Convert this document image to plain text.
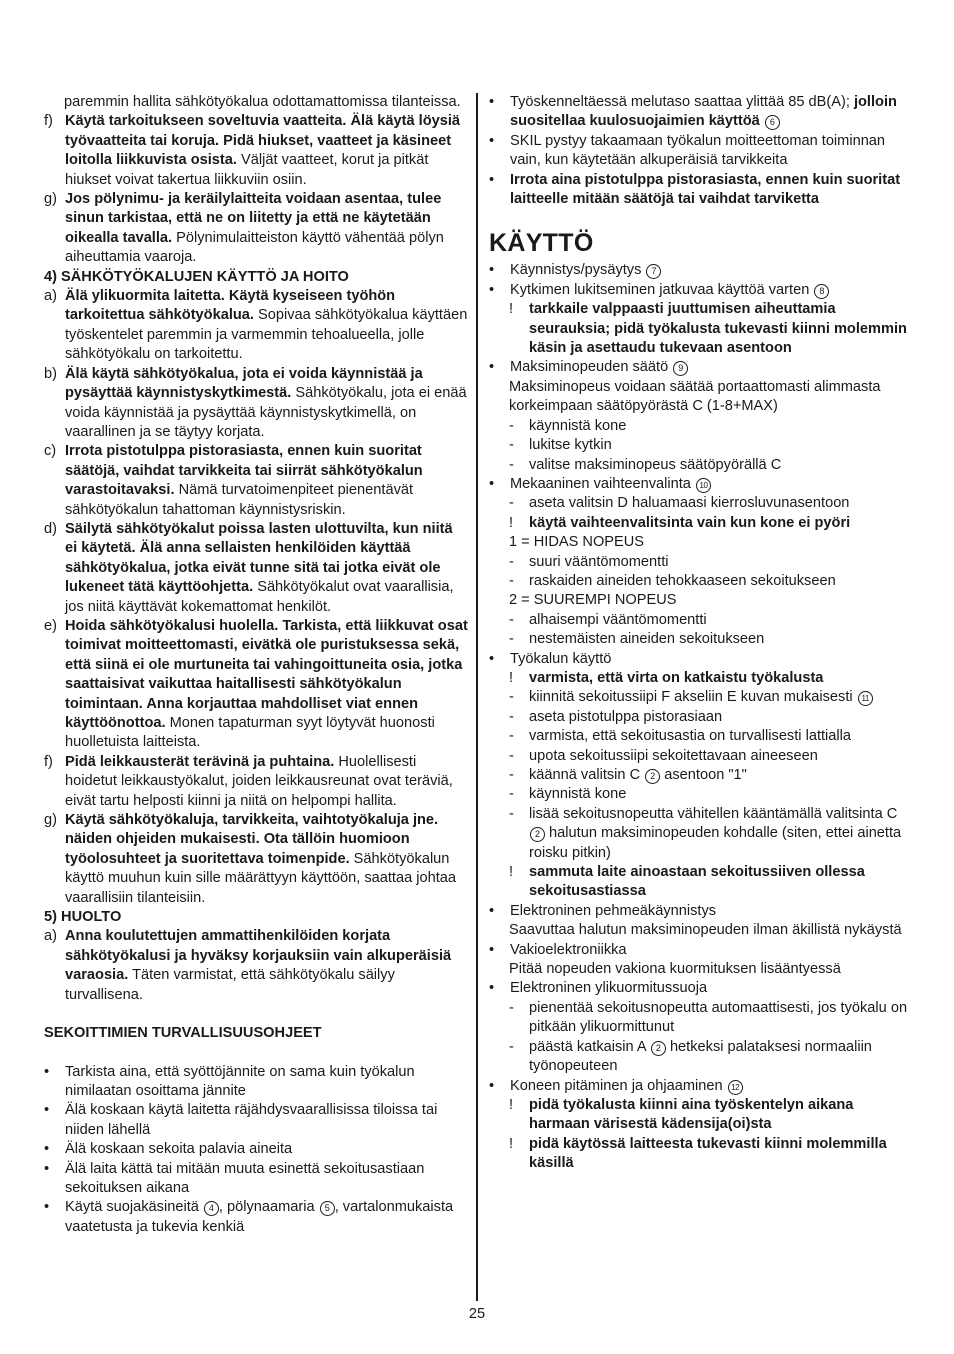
paremmin hallita sähkötyökalua odottamattomissa tilanteissa.

f) Käytä tarkoitukseen soveltuvia vaatteita. Älä käytä löysiä työvaatteita tai koruja. Pidä hiukset, vaatteet ja käsineet loitolla liikkuvista osista. Väljät vaatteet, korut ja pitkät hiukset voivat takertua liikkuviin osiin.
g) Jos pölynimu- ja keräilylaitteita voidaan asentaa, tulee sinun tarkistaa, että ne on liitetty ja että ne käytetään oikealla tavalla. Pölynimulaitteiston käyttö vähentää pölyn aiheuttamia vaaroja.

4) SÄHKÖTYÖKALUJEN KÄYTTÖ JA HOITO

a) Älä ylikuormita laitetta. Käytä kyseiseen työhön tarkoitettua sähkötyökalua. Sopivaa sähkötyökalua käyttäen työskentelet paremmin ja varmemmin tehoalueella, jolle sähkötyökalu on tarkoitettu.
b) Älä käytä sähkötyökalua, jota ei voida käynnistää ja pysäyttää käynnistyskytkimestä. Sähkötyökalu, jota ei enää voida käynnistää ja pysäyttää käynnistyskytkimellä, on vaarallinen ja se täytyy korjata.
c) Irrota pistotulppa pistorasiasta, ennen kuin suoritat säätöjä, vaihdat tarvikkeita tai siirrät sähkötyökalun varastoitavaksi. Nämä turvatoimenpiteet pienentävät sähkötyökalun tahattoman käynnistysriskin.
d) Säilytä sähkötyökalut poissa lasten ulottuvilta, kun niitä ei käytetä. Älä anna sellaisten henkilöiden käyttää sähkötyökalua, jotka eivät tunne sitä tai jotka eivät ole lukeneet tätä käyttöohjetta. Sähkötyökalut ovat vaarallisia, jos niitä käyttävät kokemattomat henkilöt.
e) Hoida sähkötyökalusi huolella. Tarkista, että liikkuvat osat toimivat moitteettomasti, eivätkä ole puristuksessa sekä, että siinä ei ole murtuneita tai vahingoittuneita osia, jotka saattaisivat vaikuttaa haitallisesti sähkötyökalun toimintaan. Anna korjauttaa mahdolliset viat ennen käyttöönottoa. Monen tapaturman syyt löytyvät huonosti huolletuista laitteista.
f) Pidä leikkausterät terävinä ja puhtaina. Huolellisesti hoidetut leikkaustyökalut, joiden leikkausreunat ovat teräviä, eivät tartu helposti kiinni ja niitä on helpompi hallita.
g) Käytä sähkötyökaluja, tarvikkeita, vaihtotyökaluja jne. näiden ohjeiden mukaisesti. Ota tällöin huomioon työolosuhteet ja suoritettava toimenpide. Sähkötyökalun käyttö muuhun kuin sille määrättyyn käyttöön, saattaa johtaa vaarallisiin tilanteisiin.

5) HUOLTO

a) Anna koulutettujen ammattihenkilöiden korjata sähkötyökalusi ja hyväksy korjauksiin vain alkuperäisiä varaosia. Täten varmistat, että sähkötyökalu säilyy turvallisena.

SEKOITTIMIEN TURVALLISUUSOHJEET

• Tarkista aina, että syöttöjännite on sama kuin työkalun nimilaatan osoittama jännite
• Älä koskaan käytä laitetta räjähdysvaarallisissa tiloissa tai niiden lähellä
• Älä koskaan sekoita palavia aineita
• Älä laita kättä tai mitään muuta esinettä sekoitusastiaan sekoituksen aikana
• Käytä suojakäsineitä 4 , pölynaamaria 5 , vartalonmukaista vaatetusta ja tukevia kenkiä
• Työskenneltäessä melutaso saattaa ylittää 85 dB(A); jolloin suositellaa kuulosuojaimien käyttöä 6
• SKIL pystyy takaamaan työkalun moitteettoman toiminnan vain, kun käytetään alkuperäisiä tarvikkeita
• Irrota aina pistotulppa pistorasiasta, ennen kuin suoritat laitteelle mitään säätöjä tai vaihdat tarviketta

KÄYTTÖ

• Käynnistys/pysäytys 7
• Kytkimen lukitseminen jatkuvaa käyttöä varten 8
! tarkkaile valppaasti juuttumisen aiheuttamia seurauksia; pidä työkalusta tukevasti kiinni molemmin käsin ja asettaudu tukevaan asentoon
• Maksiminopeuden säätö 9

Maksiminopeus voidaan säätää portaattomasti alimmasta korkeimpaan säätöpyörästä C (1-8+MAX)

- käynnistä kone
- lukitse kytkin
- valitse maksiminopeus säätöpyörällä C
• Mekaaninen vaihteenvalinta 10
- aseta valitsin D haluamaasi kierrosluvunasentoon
! käytä vaihteenvalitsinta vain kun kone ei pyöri

1 = HIDAS NOPEUS

- suuri vääntömomentti
- raskaiden aineiden tehokkaaseen sekoitukseen

2 = SUUREMPI NOPEUS

- alhaisempi vääntömomentti
- nestemäisten aineiden sekoitukseen
• Työkalun käyttö
! varmista, että virta on katkaistu työkalusta
- kiinnitä sekoitussiipi F akseliin E kuvan mukaisesti 11
- aseta pistotulppa pistorasiaan
- varmista, että sekoitusastia on turvallisesti lattialla
- upota sekoitussiipi sekoitettavaan aineeseen
- käännä valitsin C 2 asentoon "1"
- käynnistä kone
- lisää sekoitusnopeutta vähitellen kääntämällä valitsinta C 2 halutun maksiminopeuden kohdalle (siten, ettei ainetta roisku pitkin)
! sammuta laite ainoastaan sekoitussiiven ollessa sekoitusastiassa
• Elektroninen pehmeäkäynnistys

Saavuttaa halutun maksiminopeuden ilman äkillistä nykäystä

• Vakioelektroniikka

Pitää nopeuden vakiona kuormituksen lisääntyessä

• Elektroninen ylikuormitussuoja
- pienentää sekoitusnopeutta automaattisesti, jos työkalu on pitkään ylikuormittunut
- päästä katkaisin A 2 hetkeksi palataksesi normaaliin työnopeuteen
• Koneen pitäminen ja ohjaaminen 12
! pidä työkalusta kiinni aina työskentelyn aikana harmaan värisestä kädensija(oi)sta
! pidä käytössä laitteesta tukevasti kiinni molemmilla käsillä
25
